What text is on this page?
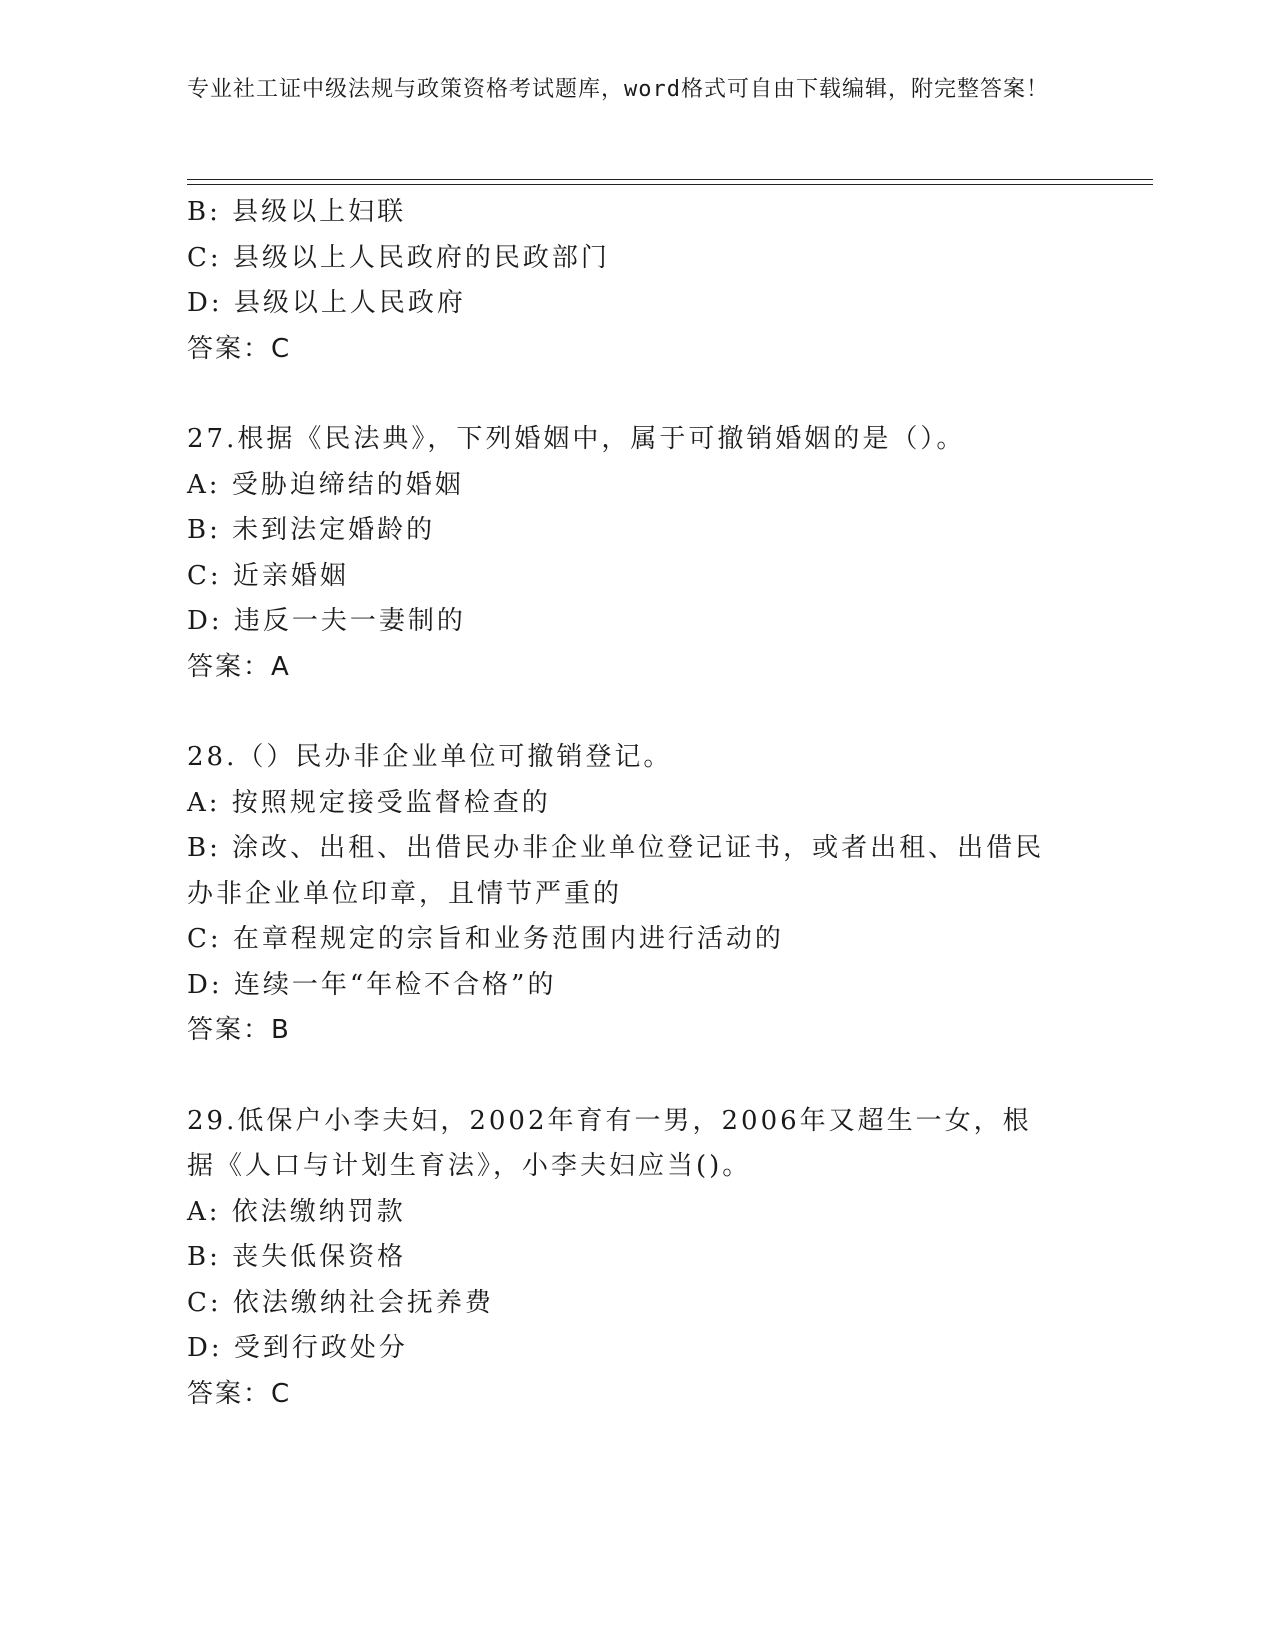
专业社工证中级法规与政策资格考试题库，word格式可自由下载编辑，附完整答案！
B: 县级以上妇联
C: 县级以上人民政府的民政部门
D: 县级以上人民政府
答案：C
27.根据《民法典》，下列婚姻中，属于可撤销婚姻的是（）。
A: 受胁迫缔结的婚姻
B: 未到法定婚龄的
C: 近亲婚姻
D: 违反一夫一妻制的
答案：A
28.（）民办非企业单位可撤销登记。
A: 按照规定接受监督检查的
B: 涂改、出租、出借民办非企业单位登记证书，或者出租、出借民办非企业单位印章，且情节严重的
C: 在章程规定的宗旨和业务范围内进行活动的
D: 连续一年“年检不合格”的
答案：B
29.低保户小李夫妇，2002年育有一男，2006年又超生一女，根据《人口与计划生育法》，小李夫妇应当()。
A: 依法缴纳罚款
B: 丧失低保资格
C: 依法缴纳社会抚养费
D: 受到行政处分
答案：C
